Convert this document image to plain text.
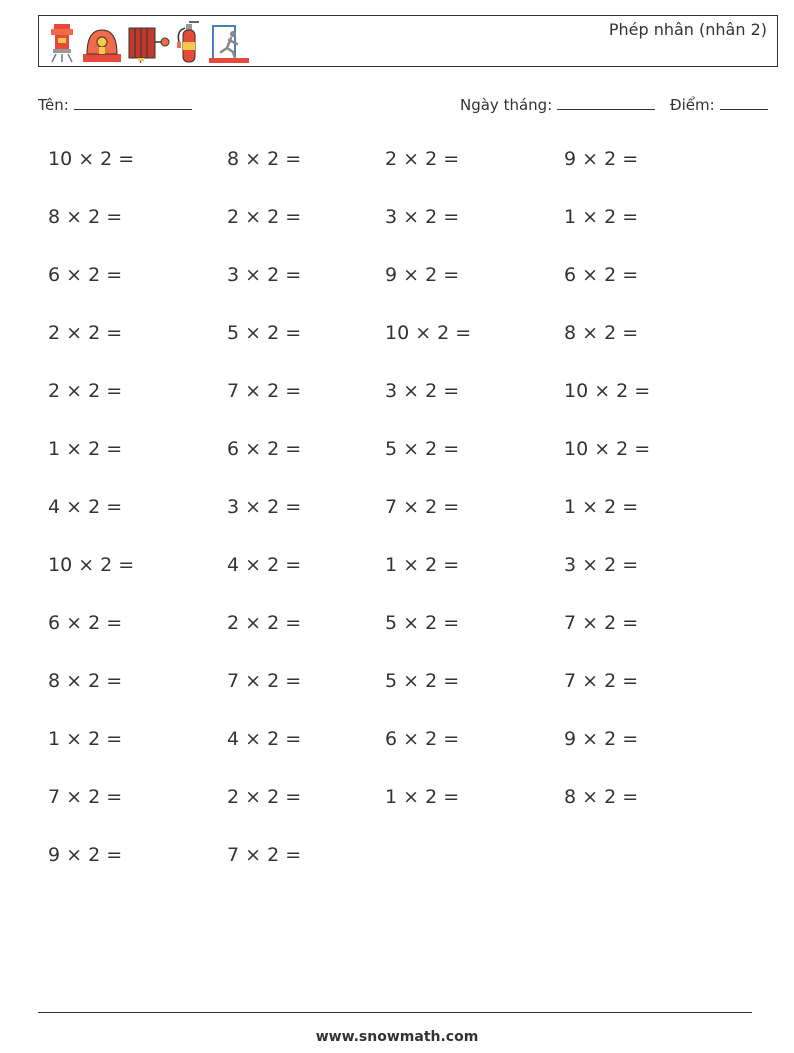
Phép nhân (nhân 2)
Tên:	Ngày tháng:	Điểm:
10 × 2 =	8 × 2 =	2 × 2 =	9 × 2 =
8 × 2 =	2 × 2 =	3 × 2 =	1 × 2 =
6 × 2 =	3 × 2 =	9 × 2 =	6 × 2 =
2 × 2 =	5 × 2 =	10 × 2 =	8 × 2 =
2 × 2 =	7 × 2 =	3 × 2 =	10 × 2 =
1 × 2 =	6 × 2 =	5 × 2 =	10 × 2 =
4 × 2 =	3 × 2 =	7 × 2 =	1 × 2 =
10 × 2 =	4 × 2 =	1 × 2 =	3 × 2 =
6 × 2 =	2 × 2 =	5 × 2 =	7 × 2 =
8 × 2 =	7 × 2 =	5 × 2 =	7 × 2 =
1 × 2 =	4 × 2 =	6 × 2 =	9 × 2 =
7 × 2 =	2 × 2 =	1 × 2 =	8 × 2 =
9 × 2 =	7 × 2 =
www.snowmath.com
